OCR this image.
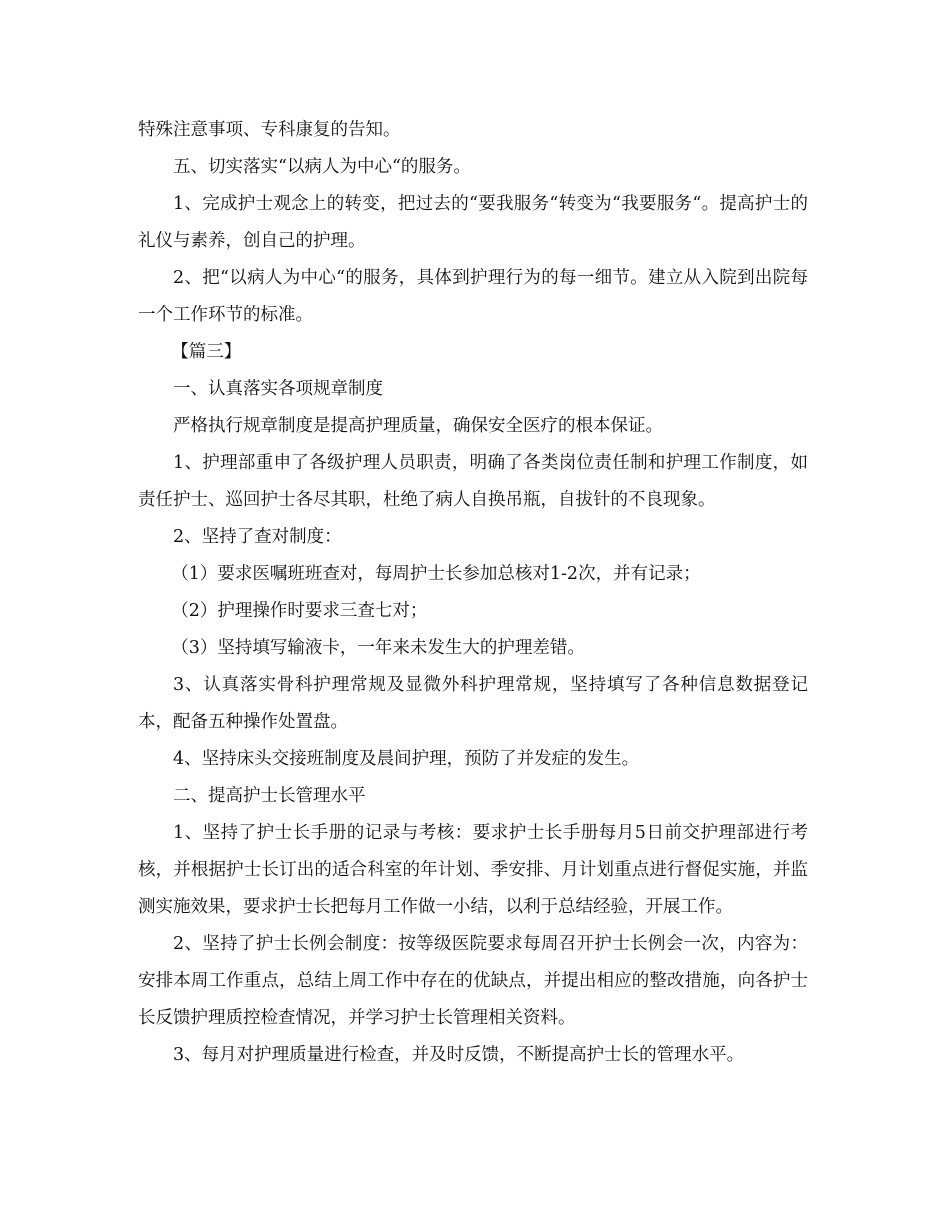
特殊注意事项、专科康复的告知。

五、切实落实“以病人为中心“的服务。

1、完成护士观念上的转变，把过去的“要我服务“转变为“我要服务“。提高护士的礼仪与素养，创自己的护理。

2、把“以病人为中心“的服务，具体到护理行为的每一细节。建立从入院到出院每一个工作环节的标准。

【篇三】

一、认真落实各项规章制度

严格执行规章制度是提高护理质量，确保安全医疗的根本保证。

1、护理部重申了各级护理人员职责，明确了各类岗位责任制和护理工作制度，如责任护士、巡回护士各尽其职，杜绝了病人自换吊瓶，自拔针的不良现象。

2、坚持了查对制度：

（1）要求医嘱班班查对，每周护士长参加总核对1-2次，并有记录；

（2）护理操作时要求三查七对；

（3）坚持填写输液卡，一年来未发生大的护理差错。

3、认真落实骨科护理常规及显微外科护理常规，坚持填写了各种信息数据登记本，配备五种操作处置盘。

4、坚持床头交接班制度及晨间护理，预防了并发症的发生。

二、提高护士长管理水平

1、坚持了护士长手册的记录与考核：要求护士长手册每月5日前交护理部进行考核，并根据护士长订出的适合科室的年计划、季安排、月计划重点进行督促实施，并监测实施效果，要求护士长把每月工作做一小结，以利于总结经验，开展工作。

2、坚持了护士长例会制度：按等级医院要求每周召开护士长例会一次，内容为：安排本周工作重点，总结上周工作中存在的优缺点，并提出相应的整改措施，向各护士长反馈护理质控检查情况，并学习护士长管理相关资料。

3、每月对护理质量进行检查，并及时反馈，不断提高护士长的管理水平。
